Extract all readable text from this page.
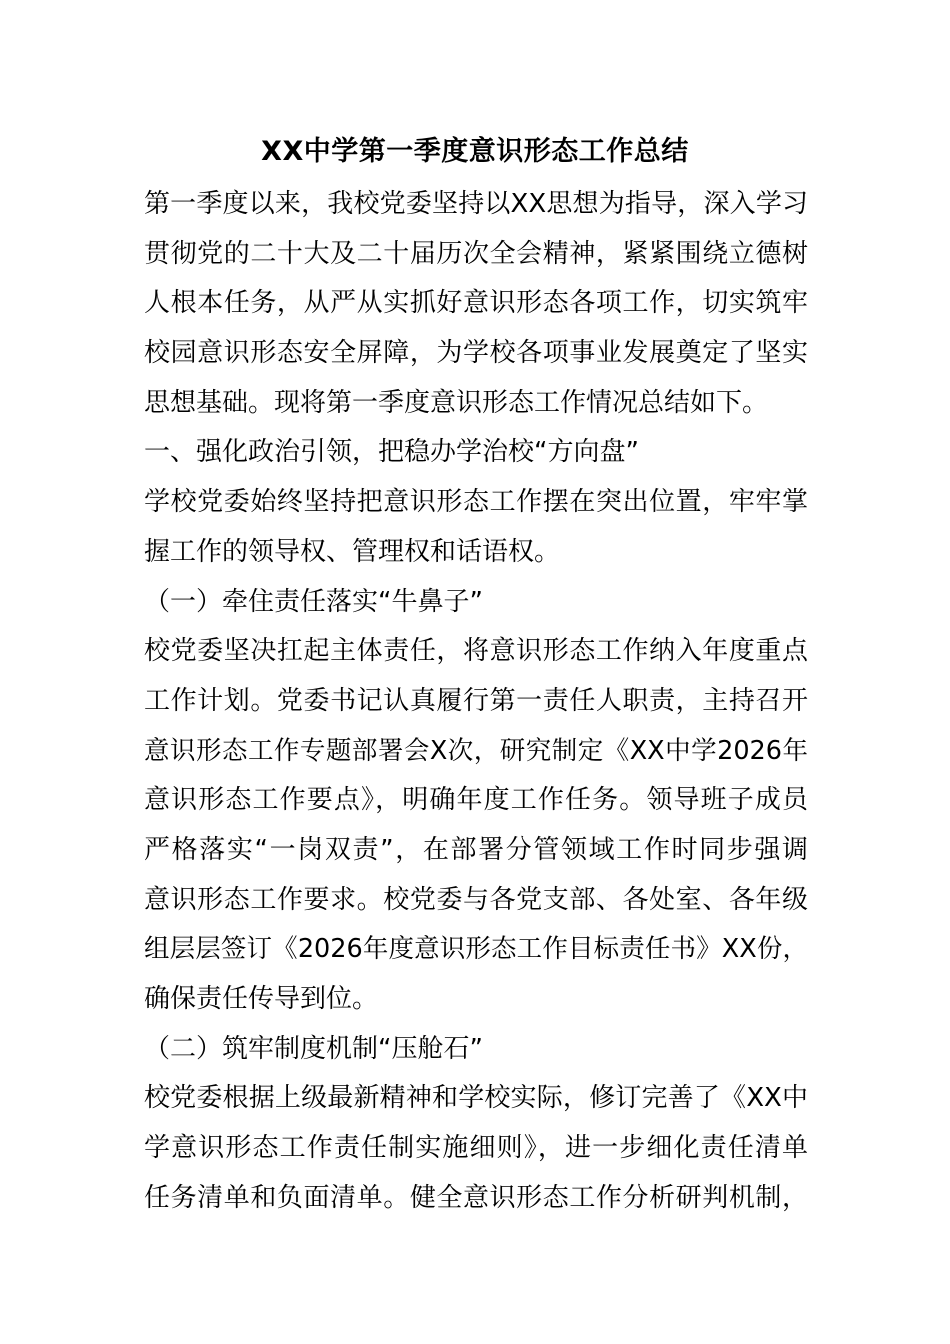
XX中学第一季度意识形态工作总结
第一季度以来，我校党委坚持以XX思想为指导，深入学习
贯彻党的二十大及二十届历次全会精神，紧紧围绕立德树
人根本任务，从严从实抓好意识形态各项工作，切实筑牢
校园意识形态安全屏障，为学校各项事业发展奠定了坚实
思想基础。现将第一季度意识形态工作情况总结如下。
一、强化政治引领，把稳办学治校“方向盘”
学校党委始终坚持把意识形态工作摆在突出位置，牢牢掌
握工作的领导权、管理权和话语权。
（一）牵住责任落实“牛鼻子”
校党委坚决扛起主体责任，将意识形态工作纳入年度重点
工作计划。党委书记认真履行第一责任人职责，主持召开
意识形态工作专题部署会X次，研究制定《XX中学2026年
意识形态工作要点》，明确年度工作任务。领导班子成员
严格落实“一岗双责”，在部署分管领域工作时同步强调
意识形态工作要求。校党委与各党支部、各处室、各年级
组层层签订《2026年度意识形态工作目标责任书》XX份，
确保责任传导到位。
（二）筑牢制度机制“压舱石”
校党委根据上级最新精神和学校实际，修订完善了《XX中
学意识形态工作责任制实施细则》，进一步细化责任清单
任务清单和负面清单。健全意识形态工作分析研判机制，
